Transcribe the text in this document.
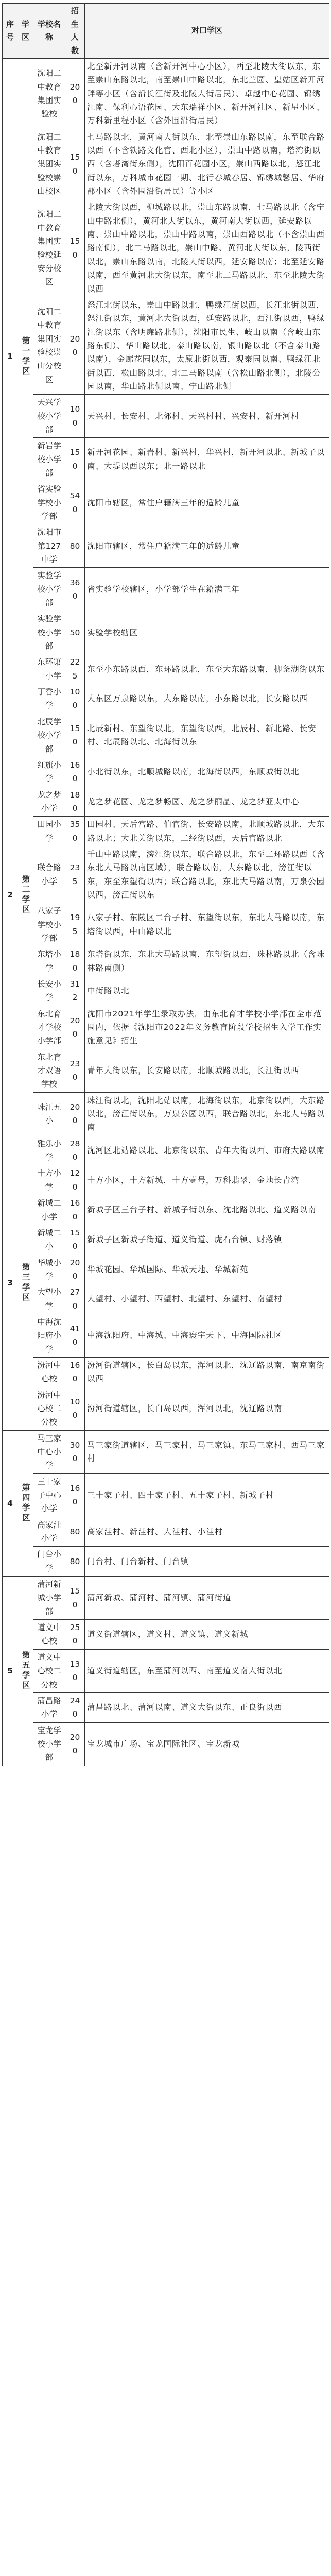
序号	学区	学校名称	招生人数	对口学区
1	第一学区	沈阳二中教育集团实验校	200	北至新开河以南（含新开河中心小区），西至北陵大街以东，东至崇山东路以北，南至崇山中路以北，东北兰园、皇姑区新开河畔等小区（含沿长江街及北陵大街居民）、卓越中心花园、锦绣江南、保利心语花园、大东瑞祥小区、新开河社区、新星小区、万科新里程小区（含外围沿街居民）
		沈阳二中教育集团实验校崇山校区	150	七马路以北，黄河南大街以东，北至崇山东路以南，东至联合路以西（不含铁路文化宫、西北小区），崇山中路以南，塔湾街以西（含塔湾街东侧），沈阳百花园小区，崇山西路以北，怒江北街以东，万科城市花园一期、北行春城春居、锦绣城馨居、华府郡小区（含外围沿街居民）等小区
		沈阳二中教育集团实验校延安分校区	150	北陵大街以西，柳城路以北，崇山东路以南，七马路以北（含宁山中路北侧），黄河北大街以东，黄河南大街以西，延安路以南、崇山中路以北，崇山中路以南，崇山西路以北（不含崇山西路南侧），北二马路以北，崇山中路、黄河北大街以东，陵西街以北，崇山东路以南，北陵大街以西，延安路以南；北至延安路以南，西至黄河北大街以东，南至北二马路以北，东至北陵大街以西
		沈阳二中教育集团实验校崇山分校区	200	怒江北街以东，崇山中路以北，鸭绿江街以西，长江北街以西，怒江街以东，黄河北大街以西，延安路以北，西江街以西，鸭绿江街以东（含明廉路北侧），沈阳市民生、岐山以南（含岐山东路东侧）、华山路以北，泰山路以南，银山路以北（不含泰山路以南），金廊花园以东，太原北街以西，观泰园以南、鸭绿江北街以西，松山路以北、北二马路以南（含松山路北侧），北陵公园以南，华山路北侧以南、宁山路北侧
		天兴学校小学部	100	天兴村、长安村、北郊村、天兴村村、兴安村、新开河村
		新岩学校小学部	150	新开河花园、新岩村、新兴村，华兴村，新开河以北、新城子以南、大堤以西以东；北一路以北
		省实验学校小学部	540	沈阳市辖区，常住户籍满三年的适龄儿童
		沈阳市第127中学	80	沈阳市辖区，常住户籍满三年的适龄儿童
		实验学校小学部	360	省实验学校辖区，小学部学生在籍满三年
		实验学校小学部	50	实验学校辖区
2	第二学区	东环第一小学	225	东至小东路以西，东环路以北，东至大东路以南，柳条湖街以东
		丁香小学	100	大东区万泉路以东，大东路以南，小东路以北，长安路以西
		北辰学校小学部	150	北辰新村、东望街以北，东望街以西，北辰村、新北路、长安村、北辰路以北、北海街以东
		红旗小学	160	小北街以东，北顺城路以南，北海街以西，东顺城街以北
		龙之梦小学	180	龙之梦花园、龙之梦畅园、龙之梦丽晶、龙之梦亚太中心
		田园小学	350	田园村、天后宫路、伯官街、长安路以南，北顺城路以北，大东路以北；大北关街以东，二经街以西，天后宫路以北
		联合路小学	235	千山中路以南，滂江街以东，联合路以北，东至二环路以西（含东北大马路以南区域），联合路以南，大东路以北，滂江街以东，东至东望街以西；联合路以北，东北大马路以南，万泉公园以西，滂江街以东
		八家子学校小学部	195	八家子村、东陵区二台子村、东望街以东，东北大马路以南，东塔街以西，中山路以北
		东塔小学	180	东塔街以东，东北大马路以南，东望街以西，珠林路以北（含珠林路南侧）
		长安小学	312	中街路以北
		东北育才学校小学部	200	沈阳市2021年学生录取办法，由东北育才学校小学部在全市范围内，依据《沈阳市2022年义务教育阶段学校招生入学工作实施意见》招生
		东北育才双语学校	230	青年大街以东，长安路以南，北顺城路以北，长江街以西
		珠江五小	200	珠江街以北，沈阳北站以南，北海街以东，北京街以西，大东路以北，滂江街以东，万泉公园以西，联合路以北，东北大马路以南
3	第三学区	雅乐小学	280	沈河区北站路以北、北京街以东、青年大街以西、市府大路以南
		十方小学	120	十方小区，十方新城，十方壹号，万科翡翠，金地长青湾
		新城二小学	160	新城子区三台子村、新城子街以东、沈北路以北、道义路以南
		新城二小	150	新城子区新城子街道、道义街道、虎石台镇、财落镇
		华城小学	200	华城花园、华城国际、华城天地、华城新苑
		大望小学	270	大望村、小望村、西望村、北望村、东望村、南望村
		中海沈阳府小学	410	中海沈阳府、中海城、中海寰宇天下、中海国际社区
		汾河中心校	160	汾河街道辖区，长白岛以东，浑河以北，沈辽路以南，南京南街以西
		汾河中心校二分校	100	汾河街道辖区，长白岛以西，浑河以北，沈辽路以南
4	第四学区	马三家中心小学	300	马三家街道辖区，马三家村、马三家镇、东马三家村、西马三家村
		三十家子中心小学	160	三十家子村、四十家子村、五十家子村、新城子村
		高家洼小学	80	高家洼村、新洼村、大洼村、小洼村
		门台小学	80	门台村、门台新村、门台镇
5	第五学区	蒲河新城小学部	150	蒲河新城、蒲河村、蒲河镇、蒲河街道
		道义中心校	250	道义街道辖区，道义村、道义镇、道义新城
		道义中心校二分校	130	道义街道辖区，东至蒲河以西、南至道义南大街以北
		蒲昌路小学	240	蒲昌路以北、蒲河以南、道义大街以东、正良街以西
		宝龙学校小学部	200	宝龙城市广场、宝龙国际社区、宝龙新城
